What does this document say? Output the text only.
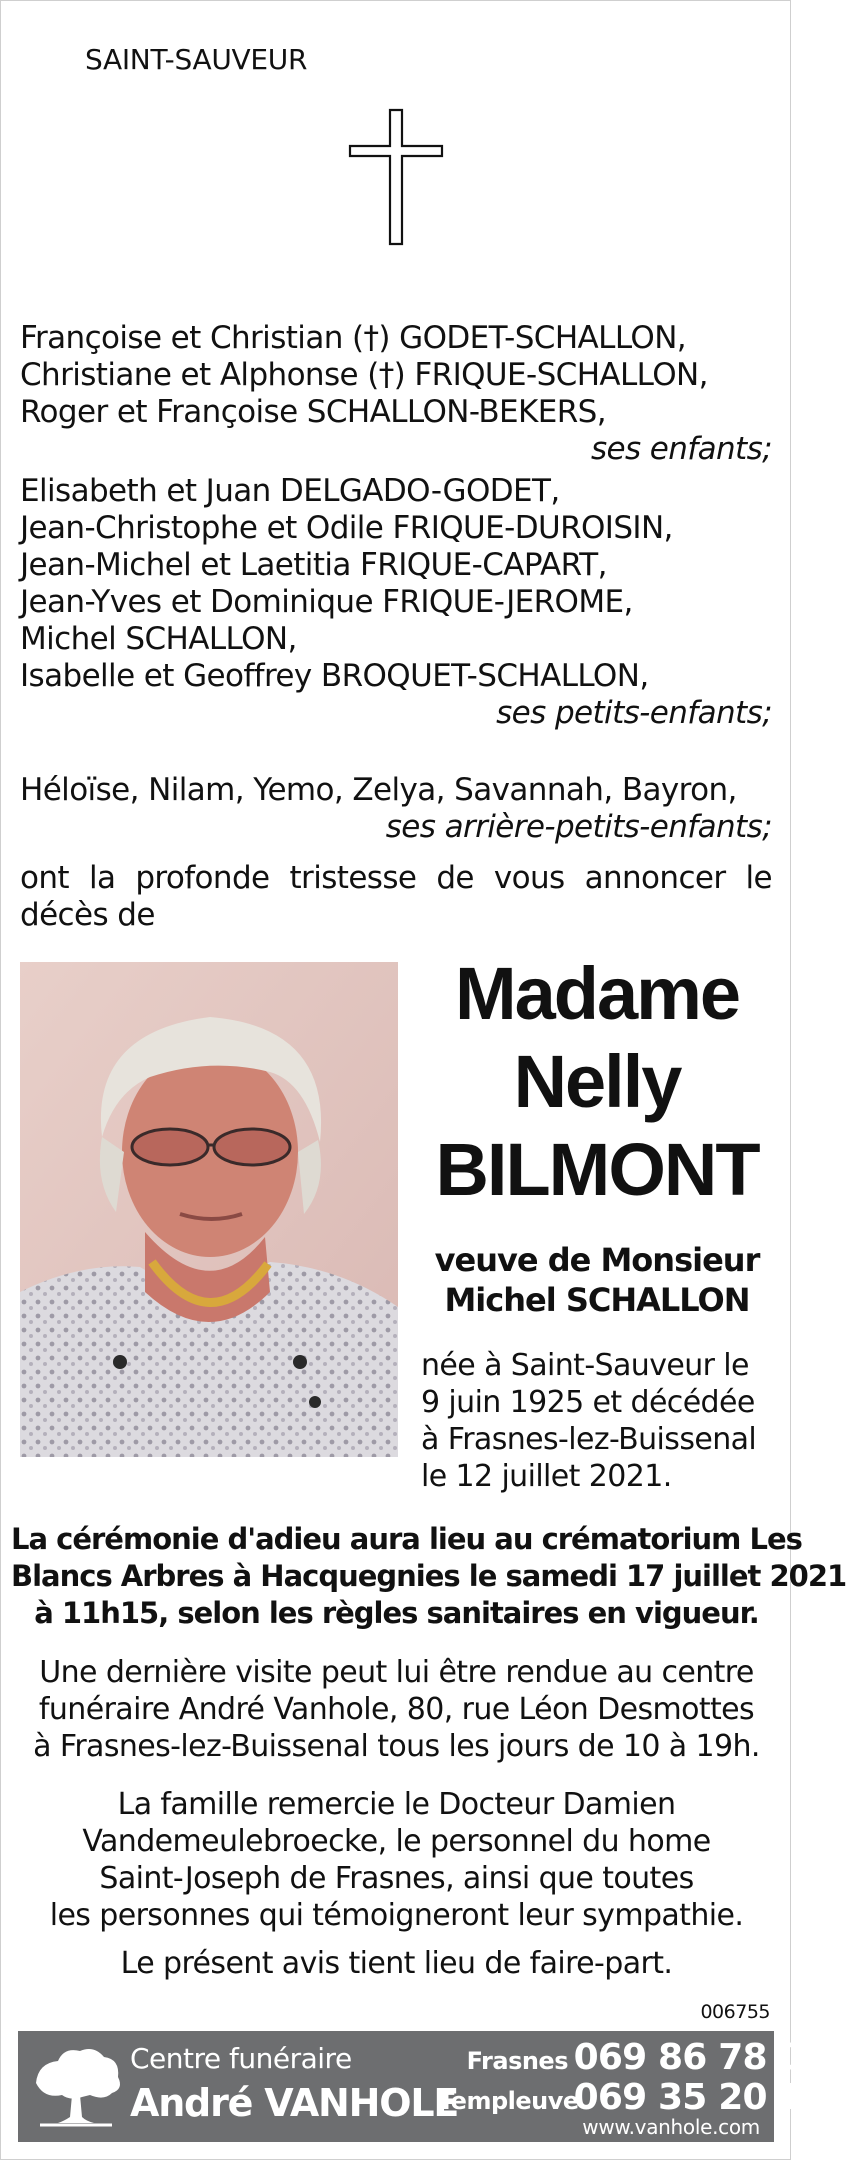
SAINT-SAUVEUR
Françoise et Christian (†) GODET-SCHALLON,
Christiane et Alphonse (†) FRIQUE-SCHALLON,
Roger et Françoise SCHALLON-BEKERS,
ses enfants;
Elisabeth et Juan DELGADO-GODET,
Jean-Christophe et Odile FRIQUE-DUROISIN,
Jean-Michel et Laetitia FRIQUE-CAPART,
Jean-Yves et Dominique FRIQUE-JEROME,
Michel SCHALLON,
Isabelle et Geoffrey BROQUET-SCHALLON,
ses petits-enfants;
Héloïse, Nilam, Yemo, Zelya, Savannah, Bayron,
ses arrière-petits-enfants;
ont la profonde tristesse de vous annoncer le décès de
Madame
Nelly
BILMONT
veuve de Monsieur
Michel SCHALLON
née à Saint-Sauveur le
9 juin 1925 et décédée
à Frasnes-lez-Buissenal
le 12 juillet 2021.
La cérémonie d'adieu aura lieu au crématorium Les
Blancs Arbres à Hacquegnies le samedi 17 juillet 2021
à 11h15, selon les règles sanitaires en vigueur.
Une dernière visite peut lui être rendue au centre
funéraire André Vanhole, 80, rue Léon Desmottes
à Frasnes-lez-Buissenal tous les jours de 10 à 19h.
La famille remercie le Docteur Damien
Vandemeulebroecke, le personnel du home
Saint-Joseph de Frasnes, ainsi que toutes
les personnes qui témoigneront leur sympathie.
Le présent avis tient lieu de faire-part.
006755
Centre funéraire
André VANHOLE
Frasnes 069 86 78 04
Templeuve 069 35 20 19
www.vanhole.com
